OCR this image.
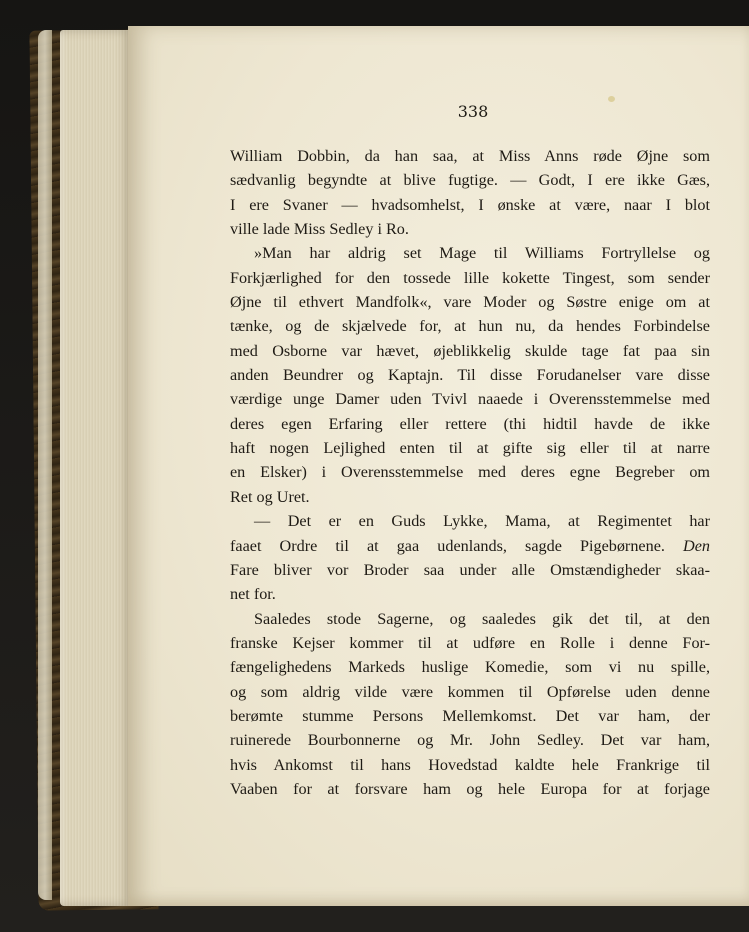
338
William Dobbin, da han saa, at Miss Anns røde Øjne som
sædvanlig begyndte at blive fugtige. — Godt, I ere ikke Gæs,
I ere Svaner — hvadsomhelst, I ønske at være, naar I blot
ville lade Miss Sedley i Ro.
»Man har aldrig set Mage til Williams Fortryllelse og
Forkjærlighed for den tossede lille kokette Tingest, som sender
Øjne til ethvert Mandfolk«, vare Moder og Søstre enige om at
tænke, og de skjælvede for, at hun nu, da hendes Forbindelse
med Osborne var hævet, øjeblikkelig skulde tage fat paa sin
anden Beundrer og Kaptajn. Til disse Forudanelser vare disse
værdige unge Damer uden Tvivl naaede i Overensstemmelse med
deres egen Erfaring eller rettere (thi hidtil havde de ikke
haft nogen Lejlighed enten til at gifte sig eller til at narre
en Elsker) i Overensstemmelse med deres egne Begreber om
Ret og Uret.
— Det er en Guds Lykke, Mama, at Regimentet har
faaet Ordre til at gaa udenlands, sagde Pigebørnene. Den
Fare bliver vor Broder saa under alle Omstændigheder skaa-
net for.
Saaledes stode Sagerne, og saaledes gik det til, at den
franske Kejser kommer til at udføre en Rolle i denne For-
fængelighedens Markeds huslige Komedie, som vi nu spille,
og som aldrig vilde være kommen til Opførelse uden denne
berømte stumme Persons Mellemkomst. Det var ham, der
ruinerede Bourbonnerne og Mr. John Sedley. Det var ham,
hvis Ankomst til hans Hovedstad kaldte hele Frankrige til
Vaaben for at forsvare ham og hele Europa for at forjage
